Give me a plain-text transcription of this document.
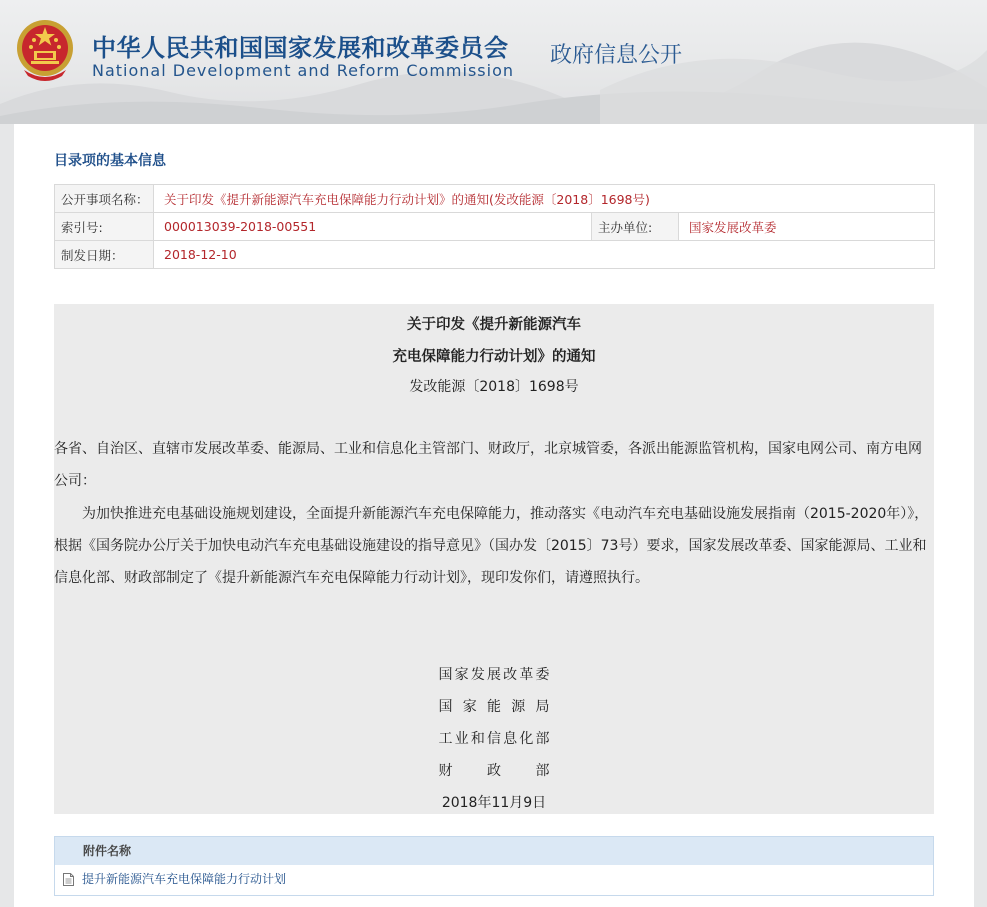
中华人民共和国国家发展和改革委员会
National Development and Reform Commission
政府信息公开
目录项的基本信息
公开事项名称：	关于印发《提升新能源汽车充电保障能力行动计划》的通知(发改能源〔2018〕1698号)		
索引号:	000013039-2018-00551	主办单位:	国家发展改革委
制发日期：	2018-12-10		
关于印发《提升新能源汽车
充电保障能力行动计划》的通知
发改能源〔2018〕1698号

各省、自治区、直辖市发展改革委、能源局、工业和信息化主管部门、财政厅，北京城管委，各派出能源监管机构，国家电网公司、南方电网公司：

为加快推进充电基础设施规划建设，全面提升新能源汽车充电保障能力，推动落实《电动汽车充电基础设施发展指南（2015-2020年）》，根据《国务院办公厅关于加快电动汽车充电基础设施建设的指导意见》（国办发〔2015〕73号）要求，国家发展改革委、国家能源局、工业和信息化部、财政部制定了《提升新能源汽车充电保障能力行动计划》，现印发你们，请遵照执行。

国家发展改革委
国家能源局
工业和信息化部
财政部
2018年11月9日
附件名称
提升新能源汽车充电保障能力行动计划
